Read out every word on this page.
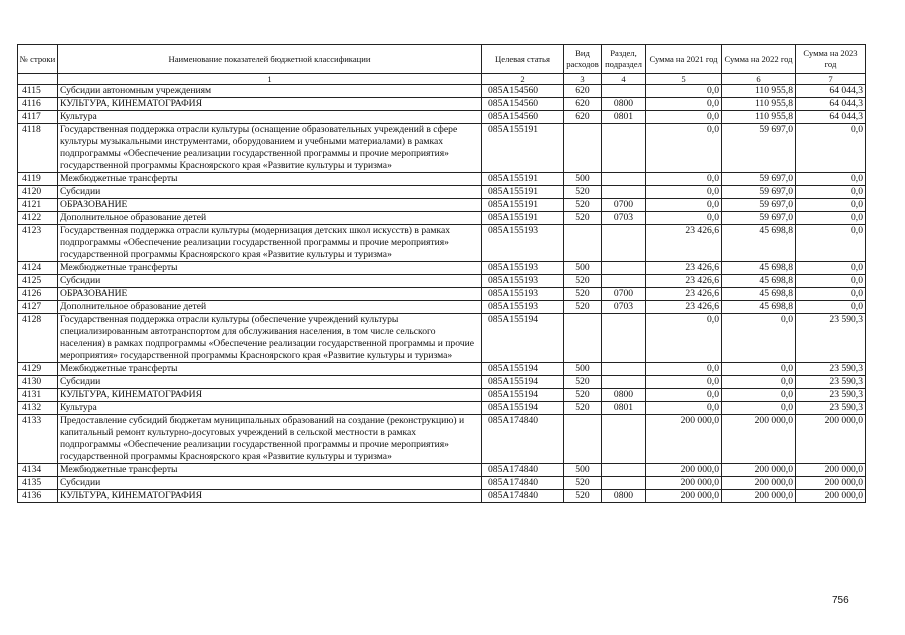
№ строки	Наименование показателей бюджетной классификации	Целевая статья	Вид расходов	Раздел, подраздел	Сумма на 2021 год	Сумма на 2022 год	Сумма на 2023 год
	1	2	3	4	5	6	7
4115	Субсидии автономным учреждениям	085A154560	620		0,0	110 955,8	64 044,3
4116	КУЛЬТУРА, КИНЕМАТОГРАФИЯ	085A154560	620	0800	0,0	110 955,8	64 044,3
4117	Культура	085A154560	620	0801	0,0	110 955,8	64 044,3
4118	Государственная поддержка отрасли культуры (оснащение образовательных учреждений в сфере культуры музыкальными инструментами, оборудованием и учебными материалами) в рамках подпрограммы «Обеспечение реализации государственной программы и прочие мероприятия» государственной программы Красноярского края «Развитие культуры и туризма»	085A155191			0,0	59 697,0	0,0
4119	Межбюджетные трансферты	085A155191	500		0,0	59 697,0	0,0
4120	Субсидии	085A155191	520		0,0	59 697,0	0,0
4121	ОБРАЗОВАНИЕ	085A155191	520	0700	0,0	59 697,0	0,0
4122	Дополнительное образование детей	085A155191	520	0703	0,0	59 697,0	0,0
4123	Государственная поддержка отрасли культуры (модернизация детских школ искусств) в рамках подпрограммы «Обеспечение реализации государственной программы и прочие мероприятия» государственной программы Красноярского края «Развитие культуры и туризма»	085A155193			23 426,6	45 698,8	0,0
4124	Межбюджетные трансферты	085A155193	500		23 426,6	45 698,8	0,0
4125	Субсидии	085A155193	520		23 426,6	45 698,8	0,0
4126	ОБРАЗОВАНИЕ	085A155193	520	0700	23 426,6	45 698,8	0,0
4127	Дополнительное образование детей	085A155193	520	0703	23 426,6	45 698,8	0,0
4128	Государственная поддержка отрасли культуры (обеспечение учреждений культуры специализированным автотранспортом для обслуживания населения, в том числе сельского населения) в рамках подпрограммы «Обеспечение реализации государственной программы и прочие мероприятия» государственной программы Красноярского края «Развитие культуры и туризма»	085A155194			0,0	0,0	23 590,3
4129	Межбюджетные трансферты	085A155194	500		0,0	0,0	23 590,3
4130	Субсидии	085A155194	520		0,0	0,0	23 590,3
4131	КУЛЬТУРА, КИНЕМАТОГРАФИЯ	085A155194	520	0800	0,0	0,0	23 590,3
4132	Культура	085A155194	520	0801	0,0	0,0	23 590,3
4133	Предоставление субсидий бюджетам муниципальных образований на создание (реконструкцию) и капитальный ремонт культурно-досуговых учреждений в сельской местности в рамках подпрограммы «Обеспечение реализации государственной программы и прочие мероприятия» государственной программы Красноярского края «Развитие культуры и туризма»	085A174840			200 000,0	200 000,0	200 000,0
4134	Межбюджетные трансферты	085A174840	500		200 000,0	200 000,0	200 000,0
4135	Субсидии	085A174840	520		200 000,0	200 000,0	200 000,0
4136	КУЛЬТУРА, КИНЕМАТОГРАФИЯ	085A174840	520	0800	200 000,0	200 000,0	200 000,0
756
